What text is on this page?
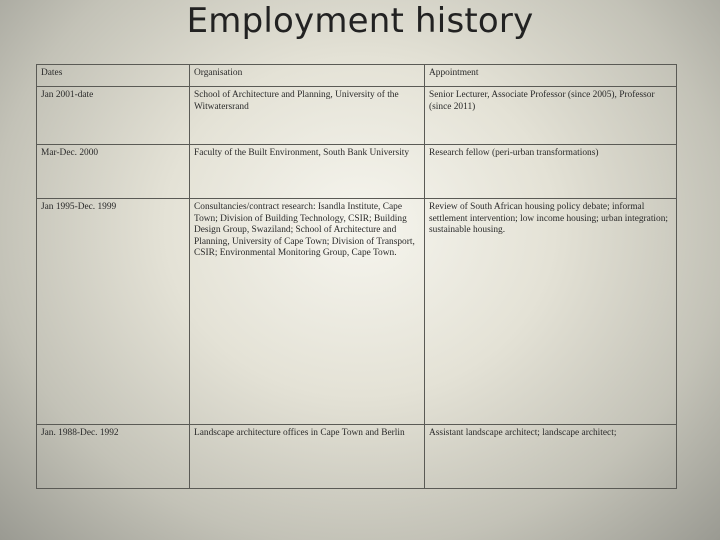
Employment history
Dates	Organisation	Appointment
Jan 2001-date	School of Architecture and Planning, University of the Witwatersrand	Senior Lecturer, Associate Professor (since 2005), Professor (since 2011)
Mar-Dec. 2000	Faculty of the Built Environment, South Bank University	Research fellow (peri-urban transformations)
Jan 1995-Dec. 1999	Consultancies/contract research: Isandla Institute, Cape Town; Division of Building Technology, CSIR; Building Design Group, Swaziland; School of Architecture and Planning, University of Cape Town; Division of Transport, CSIR; Environmental Monitoring Group, Cape Town.	Review of South African housing policy debate; informal settlement intervention; low income housing; urban integration; sustainable housing.
Jan. 1988-Dec. 1992	Landscape architecture offices in Cape Town and Berlin	Assistant landscape architect; landscape architect;
